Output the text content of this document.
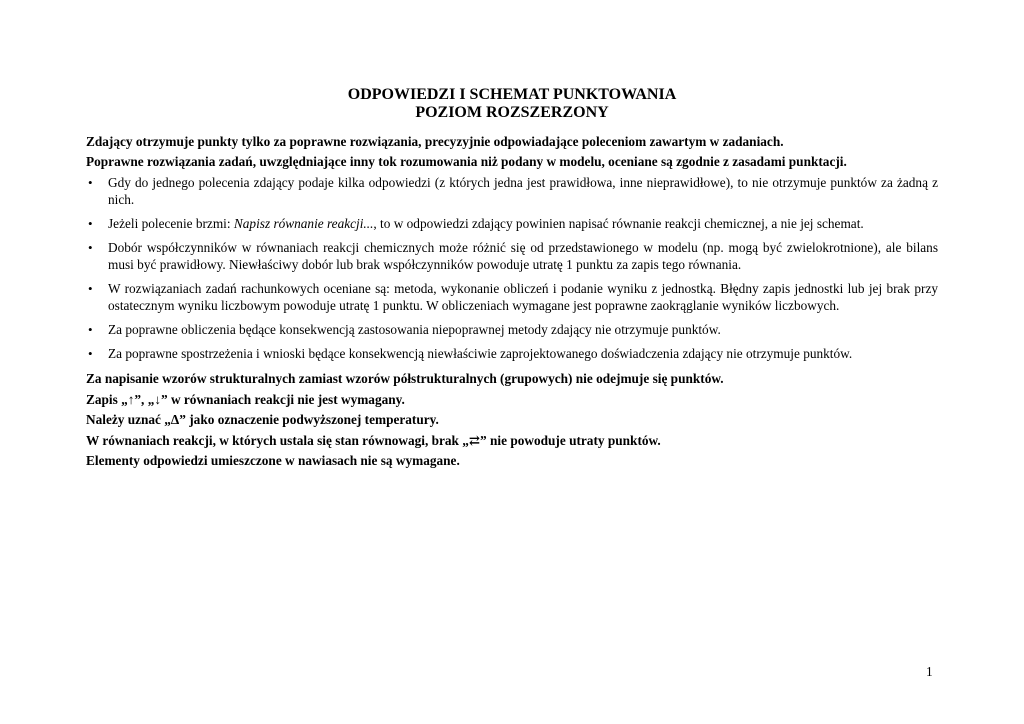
ODPOWIEDZI I SCHEMAT PUNKTOWANIA

POZIOM ROZSZERZONY

Zdający otrzymuje punkty tylko za poprawne rozwiązania, precyzyjnie odpowiadające poleceniom zawartym w zadaniach.

Poprawne rozwiązania zadań, uwzględniające inny tok rozumowania niż podany w modelu, oceniane są zgodnie z zasadami punktacji.

• Gdy do jednego polecenia zdający podaje kilka odpowiedzi (z których jedna jest prawidłowa, inne nieprawidłowe), to nie otrzymuje punktów za żadną z nich.
• Jeżeli polecenie brzmi: Napisz równanie reakcji..., to w odpowiedzi zdający powinien napisać równanie reakcji chemicznej, a nie jej schemat.
• Dobór współczynników w równaniach reakcji chemicznych może różnić się od przedstawionego w modelu (np. mogą być zwielokrotnione), ale bilans musi być prawidłowy. Niewłaściwy dobór lub brak współczynników powoduje utratę 1 punktu za zapis tego równania.
• W rozwiązaniach zadań rachunkowych oceniane są: metoda, wykonanie obliczeń i podanie wyniku z jednostką. Błędny zapis jednostki lub jej brak przy ostatecznym wyniku liczbowym powoduje utratę 1 punktu. W obliczeniach wymagane jest poprawne zaokrąglanie wyników liczbowych.
• Za poprawne obliczenia będące konsekwencją zastosowania niepoprawnej metody zdający nie otrzymuje punktów.
• Za poprawne spostrzeżenia i wnioski będące konsekwencją niewłaściwie zaprojektowanego doświadczenia zdający nie otrzymuje punktów.

Za napisanie wzorów strukturalnych zamiast wzorów półstrukturalnych (grupowych) nie odejmuje się punktów.

Zapis „↑”, „↓” w równaniach reakcji nie jest wymagany.

Należy uznać „Δ” jako oznaczenie podwyższonej temperatury.

W równaniach reakcji, w których ustala się stan równowagi, brak „⇄” nie powoduje utraty punktów.

Elementy odpowiedzi umieszczone w nawiasach nie są wymagane.

1
